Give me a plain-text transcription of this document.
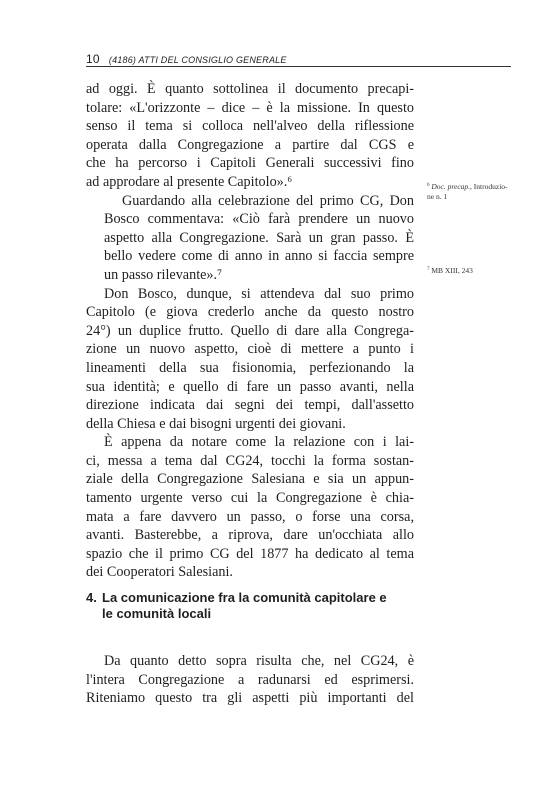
10 (4186) ATTI DEL CONSIGLIO GENERALE

ad oggi. È quanto sottolinea il documento precapi-
tolare: «L'orizzonte – dice – è la missione. In questo
senso il tema si colloca nell'alveo della riflessione
operata dalla Congregazione a partire dal CGS e
che ha percorso i Capitoli Generali successivi fino
ad approdare al presente Capitolo».⁶

Guardando alla celebrazione del primo CG, Don
Bosco commentava: «Ciò farà prendere un nuovo
aspetto alla Congregazione. Sarà un gran passo. È
bello vedere come di anno in anno si faccia sempre
un passo rilevante».⁷

Don Bosco, dunque, si attendeva dal suo primo
Capitolo (e giova crederlo anche da questo nostro
24°) un duplice frutto. Quello di dare alla Congrega-
zione un nuovo aspetto, cioè di mettere a punto i
lineamenti della sua fisionomia, perfezionando la
sua identità; e quello di fare un passo avanti, nella
direzione indicata dai segni dei tempi, dall'assetto
della Chiesa e dai bisogni urgenti dei giovani.

È appena da notare come la relazione con i lai-
ci, messa a tema dal CG24, tocchi la forma sostan-
ziale della Congregazione Salesiana e sia un appun-
tamento urgente verso cui la Congregazione è chia-
mata a fare davvero un passo, o forse una corsa,
avanti. Basterebbe, a riprova, dare un'occhiata allo
spazio che il primo CG del 1877 ha dedicato al tema
dei Cooperatori Salesiani.

4. La comunicazione fra la comunità capitolare e
le comunità locali
Da quanto detto sopra risulta che, nel CG24, è
l'intera Congregazione a radunarsi ed esprimersi.
Riteniamo questo tra gli aspetti più importanti del
$^6$ Doc. precap., Introduzio-
ne n. 1
$^7$ MB XIII, 243
